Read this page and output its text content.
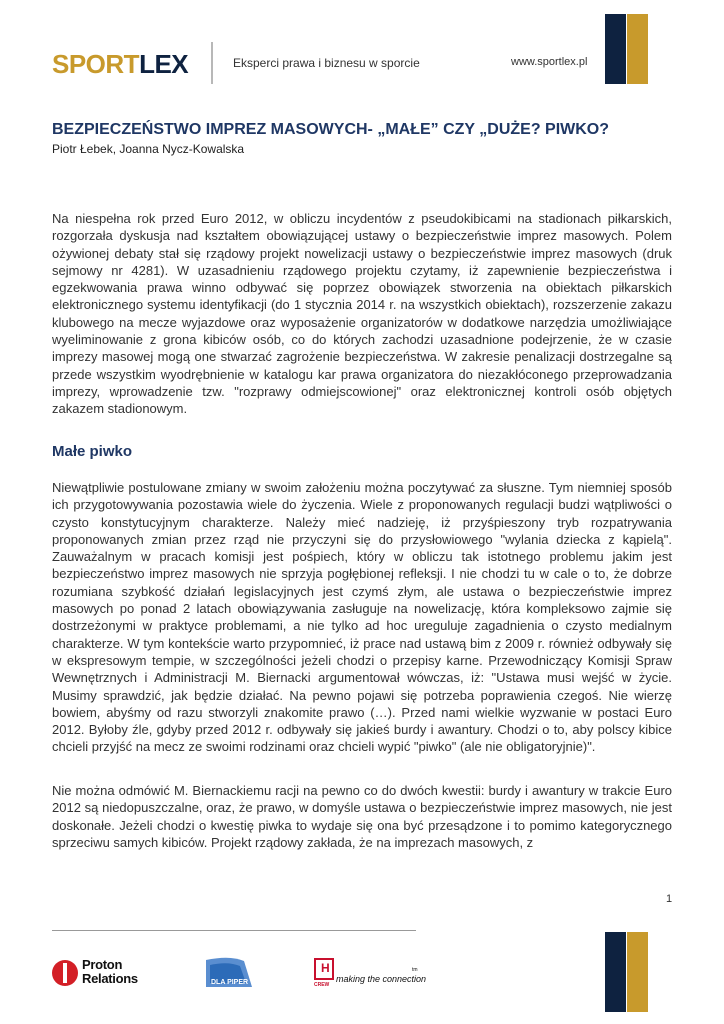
SPORTLEX	Eksperci prawa i biznesu w sporcie	www.sportlex.pl
BEZPIECZEŃSTWO IMPREZ MASOWYCH- „MAŁE” CZY „DUŻE? PIWKO?
Piotr Łebek, Joanna Nycz-Kowalska

Na niespełna rok przed Euro 2012, w obliczu incydentów z pseudokibicami na stadionach piłkarskich, rozgorzała dyskusja nad kształtem obowiązującej ustawy o bezpieczeństwie imprez masowych. Polem ożywionej debaty stał się rządowy projekt nowelizacji ustawy o bezpieczeństwie imprez masowych (druk sejmowy nr 4281). W uzasadnieniu rządowego projektu czytamy, iż zapewnienie bezpieczeństwa i egzekwowania prawa winno odbywać się poprzez obowiązek stworzenia na obiektach piłkarskich elektronicznego systemu identyfikacji (do 1 stycznia 2014 r. na wszystkich obiektach), rozszerzenie zakazu klubowego na mecze wyjazdowe oraz wyposażenie organizatorów w dodatkowe narzędzia umożliwiające wyeliminowanie z grona kibiców osób, co do których zachodzi uzasadnione podejrzenie, że w czasie imprezy masowej mogą one stwarzać zagrożenie bezpieczeństwa. W zakresie penalizacji dostrzegalne są przede wszystkim wyodrębnienie w katalogu kar prawa organizatora do niezakłóconego przeprowadzania imprezy, wprowadzenie tzw. "rozprawy odmiejscowionej" oraz elektronicznej kontroli osób objętych zakazem stadionowym.

Małe piwko

Niewątpliwie postulowane zmiany w swoim założeniu można poczytywać za słuszne. Tym niemniej sposób ich przygotowywania pozostawia wiele do życzenia. Wiele z proponowanych regulacji budzi wątpliwości o czysto konstytucyjnym charakterze. Należy mieć nadzieję, iż przyśpieszony tryb rozpatrywania proponowanych zmian przez rząd nie przyczyni się do przysłowiowego "wylania dziecka z kąpielą". Zauważalnym w pracach komisji jest pośpiech, który w obliczu tak istotnego problemu jakim jest bezpieczeństwo imprez masowych nie sprzyja pogłębionej refleksji. I nie chodzi tu w cale o to, że dobrze rozumiana szybkość działań legislacyjnych jest czymś złym, ale ustawa o bezpieczeństwie imprez masowych po ponad 2 latach obowiązywania zasługuje na nowelizację, która kompleksowo zajmie się dostrzeżonymi w praktyce problemami, a nie tylko ad hoc ureguluje zagadnienia o czysto medialnym charakterze. W tym kontekście warto przypomnieć, iż prace nad ustawą bim z 2009 r. również odbywały się w ekspresowym tempie, w szczególności jeżeli chodzi o przepisy karne. Przewodniczący Komisji Spraw Wewnętrznych i Administracji M. Biernacki argumentował wówczas, iż: "Ustawa musi wejść w życie. Musimy sprawdzić, jak będzie działać. Na pewno pojawi się potrzeba poprawienia czegoś. Nie wierzę bowiem, abyśmy od razu stworzyli znakomite prawo (…). Przed nami wielkie wyzwanie w postaci Euro 2012. Byłoby źle, gdyby przed 2012 r. odbywały się jakieś burdy i awantury. Chodzi o to, aby polscy kibice chcieli przyjść na mecz ze swoimi rodzinami oraz chcieli wypić "piwko" (ale nie obligatoryjnie)".

Nie można odmówić M. Biernackiemu racji na pewno co do dwóch kwestii: burdy i awantury w trakcie Euro 2012 są niedopuszczalne, oraz, że prawo, w domyśle ustawa o bezpieczeństwie imprez masowych, nie jest doskonałe. Jeżeli chodzi o kwestię piwka to wydaje się ona być przesądzone i to pomimo kategorycznego sprzeciwu samych kibiców. Projekt rządowy zakłada, że na imprezach masowych, z

1
Proton
Relations	DLA PIPER
H
CREW
making the connection
tm
